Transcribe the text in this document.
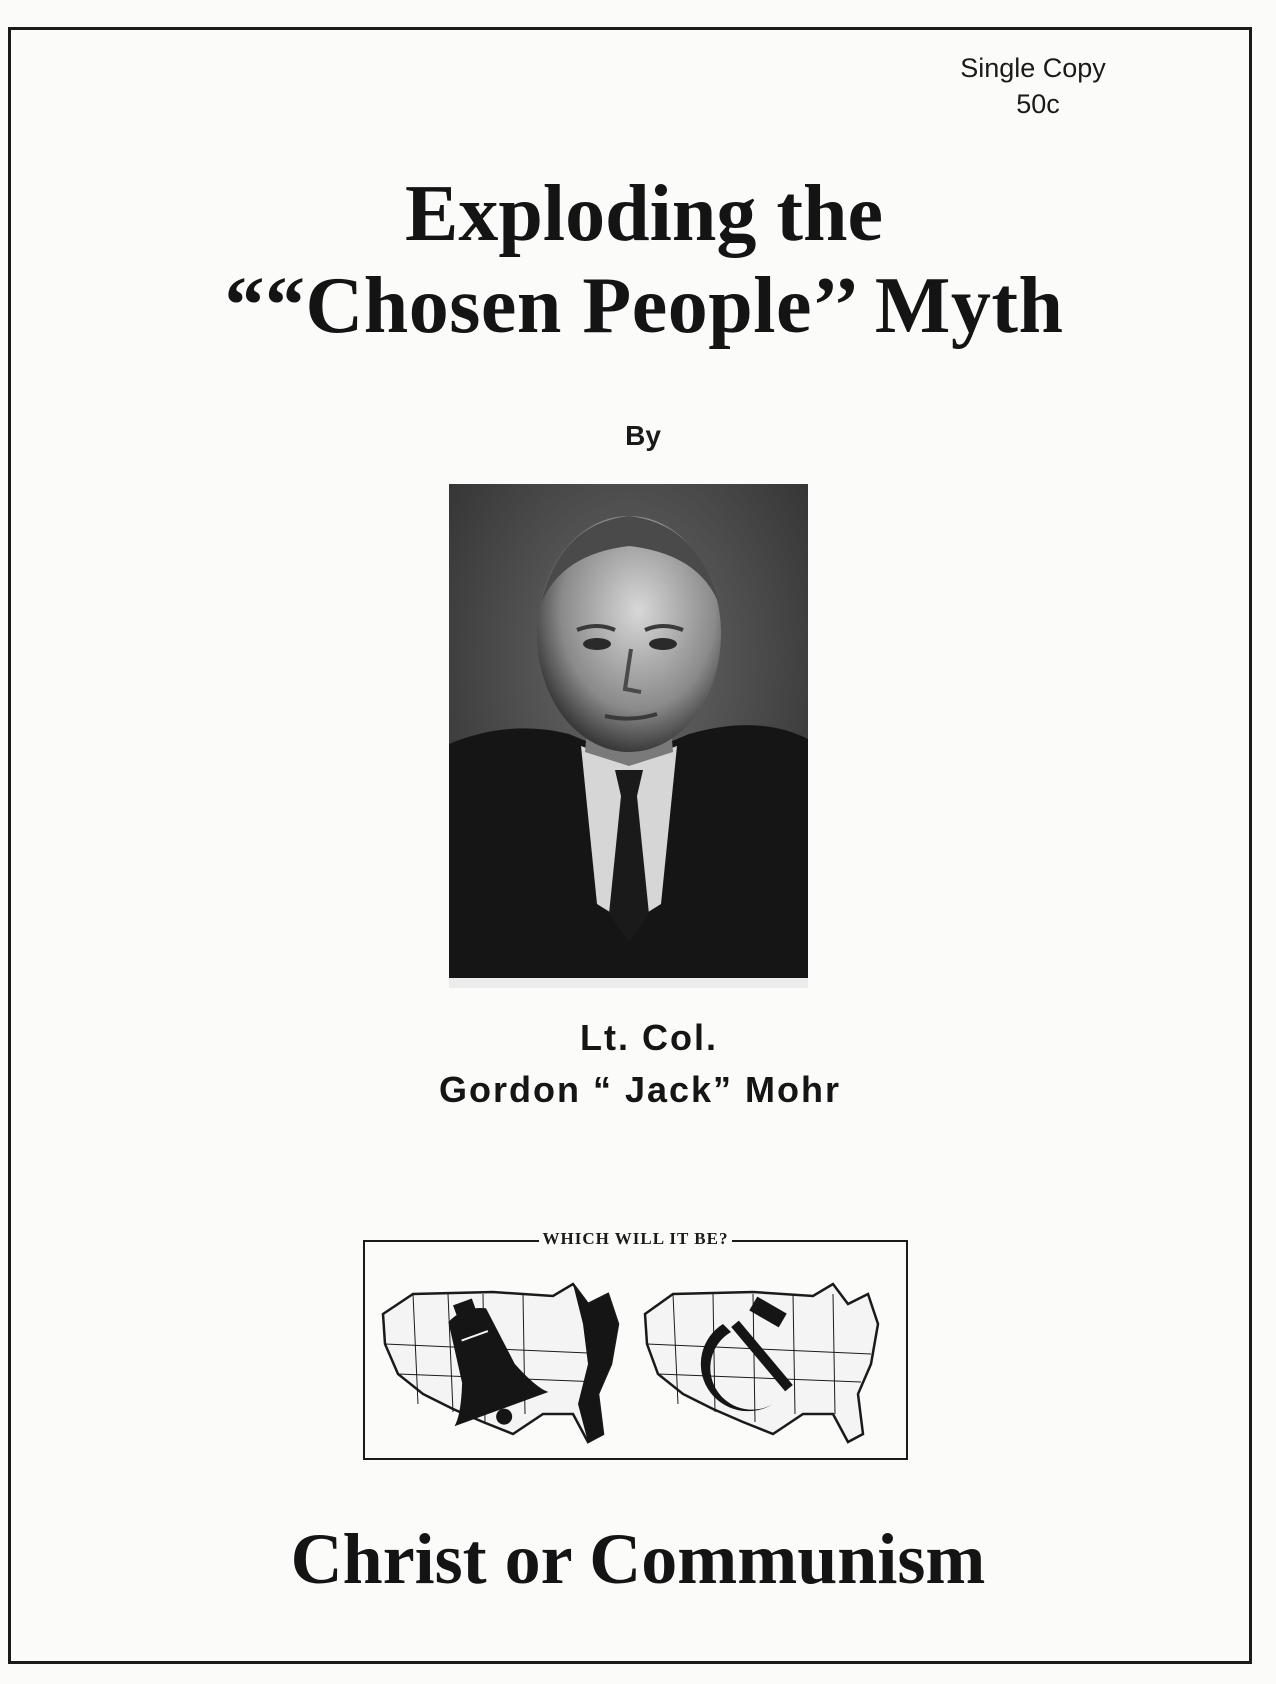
Single Copy
50c
Exploding the
““Chosen People’’ Myth
By
Lt. Col.
Gordon “ Jack” Mohr
WHICH WILL IT BE?
Christ or Communism
